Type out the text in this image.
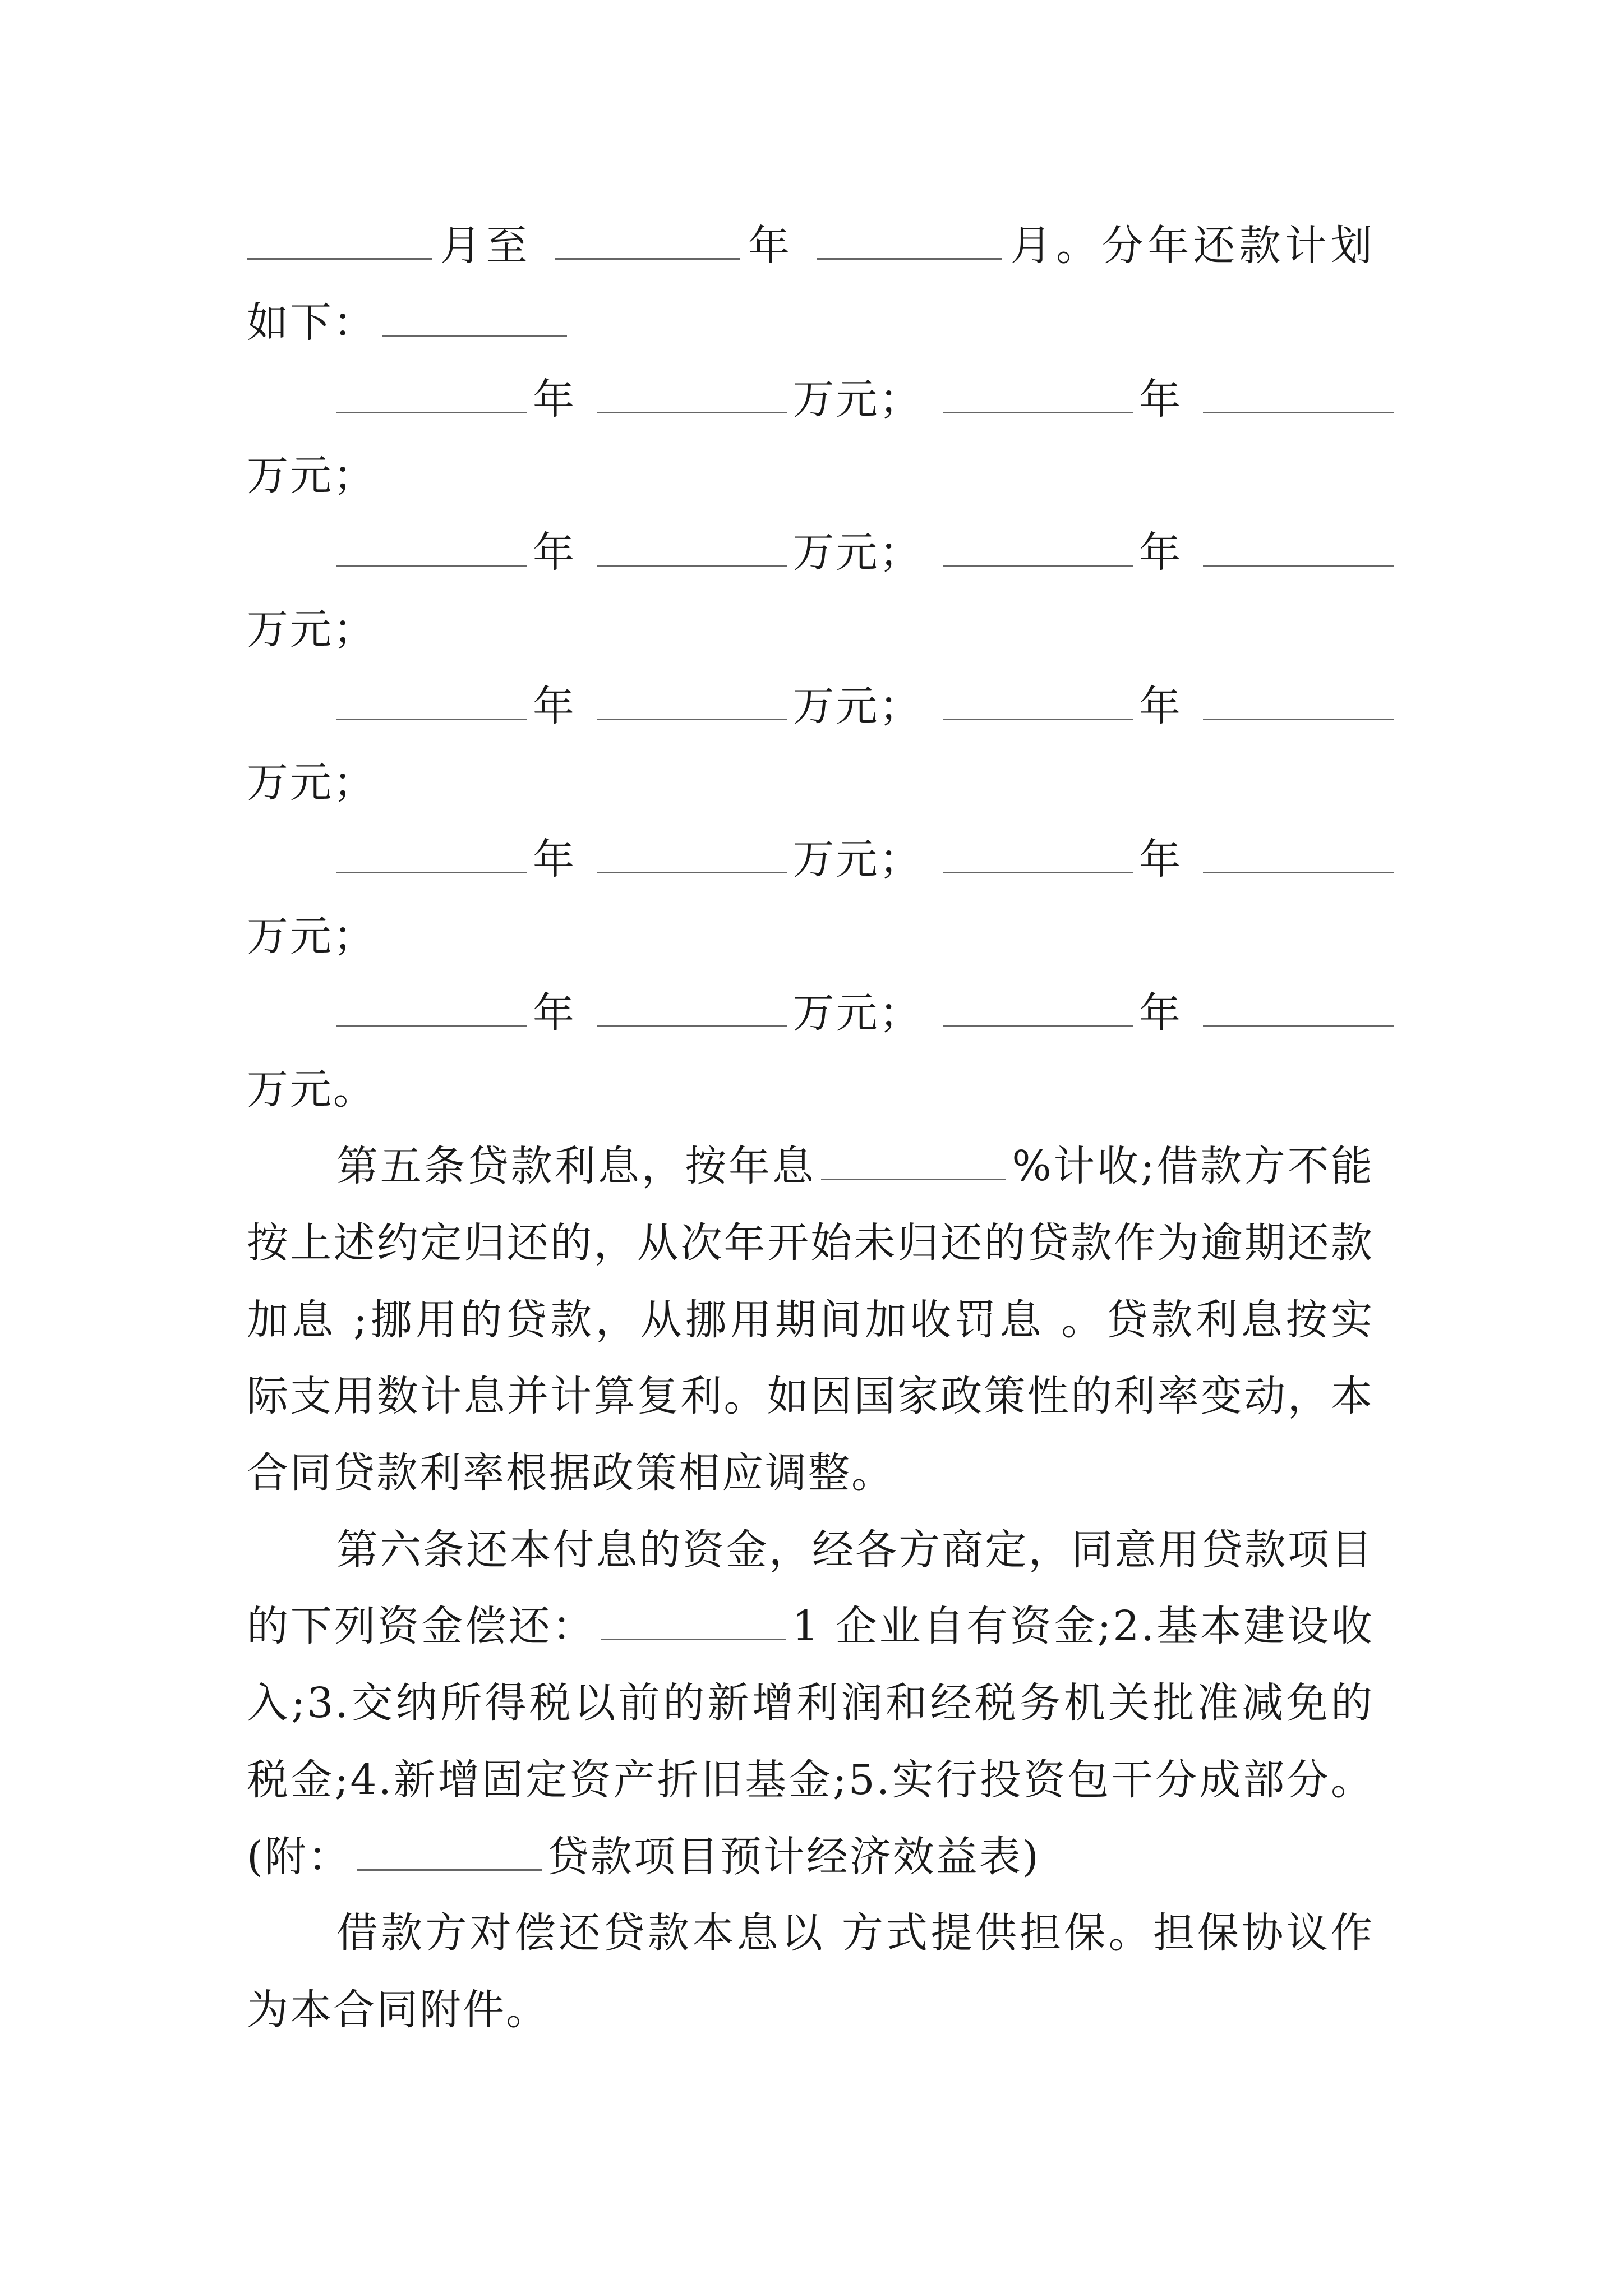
月至	年	月。分年还款计划
如下：
年	万元；	年
万元；
年	万元；	年
万元；
年	万元；	年
万元；
年	万元；	年
万元；
年	万元；	年
万元。
第五条贷款利息，按年息	%计收;借款方不能
按上述约定归还的，从次年开始未归还的贷款作为逾期还款
加息 ;挪用的贷款，从挪用期间加收罚息 。贷款利息按实
际支用数计息并计算复利。如因国家政策性的利率变动，本
合同贷款利率根据政策相应调整。
第六条还本付息的资金，经各方商定，同意用贷款项目
的下列资金偿还：	1 企业自有资金;2.基本建设收
入;3.交纳所得税以前的新增利润和经税务机关批准减免的
税金;4.新增固定资产折旧基金;5.实行投资包干分成部分。
(附：	贷款项目预计经济效益表)
借款方对偿还贷款本息以 方式提供担保。担保协议作
为本合同附件。
